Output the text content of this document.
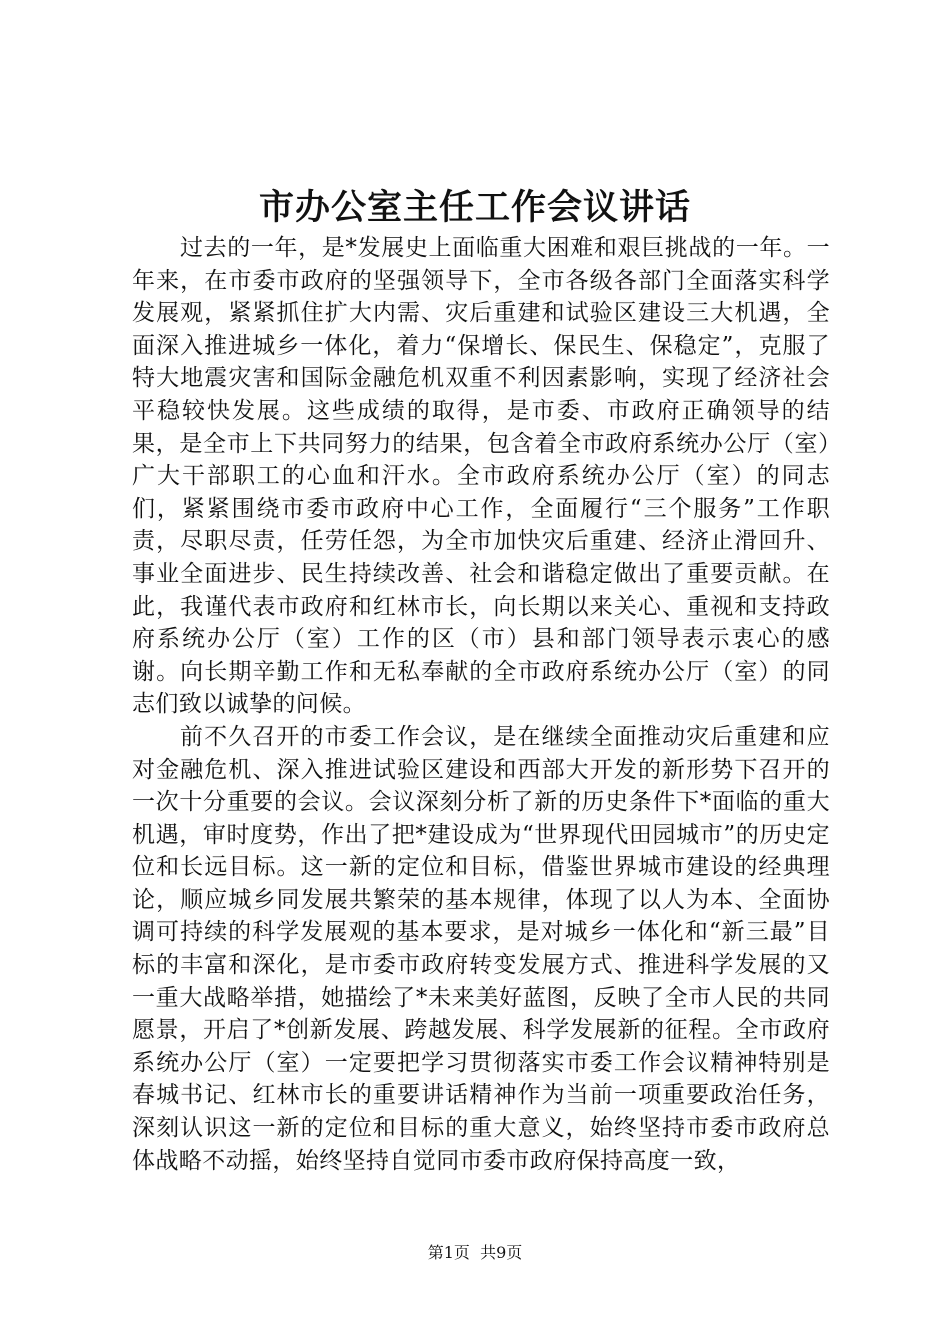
市办公室主任工作会议讲话

过去的一年，是*发展史上面临重大困难和艰巨挑战的一年。一年来，在市委市政府的坚强领导下，全市各级各部门全面落实科学发展观，紧紧抓住扩大内需、灾后重建和试验区建设三大机遇，全面深入推进城乡一体化，着力“保增长、保民生、保稳定”，克服了特大地震灾害和国际金融危机双重不利因素影响，实现了经济社会平稳较快发展。这些成绩的取得，是市委、市政府正确领导的结果，是全市上下共同努力的结果，包含着全市政府系统办公厅（室）广大干部职工的心血和汗水。全市政府系统办公厅（室）的同志们，紧紧围绕市委市政府中心工作，全面履行“三个服务”工作职责，尽职尽责，任劳任怨，为全市加快灾后重建、经济止滑回升、事业全面进步、民生持续改善、社会和谐稳定做出了重要贡献。在此，我谨代表市政府和红林市长，向长期以来关心、重视和支持政府系统办公厅（室）工作的区（市）县和部门领导表示衷心的感谢。向长期辛勤工作和无私奉献的全市政府系统办公厅（室）的同志们致以诚挚的问候。

前不久召开的市委工作会议，是在继续全面推动灾后重建和应对金融危机、深入推进试验区建设和西部大开发的新形势下召开的一次十分重要的会议。会议深刻分析了新的历史条件下*面临的重大机遇，审时度势，作出了把*建设成为“世界现代田园城市”的历史定位和长远目标。这一新的定位和目标，借鉴世界城市建设的经典理论，顺应城乡同发展共繁荣的基本规律，体现了以人为本、全面协调可持续的科学发展观的基本要求，是对城乡一体化和“新三最”目标的丰富和深化，是市委市政府转变发展方式、推进科学发展的又一重大战略举措，她描绘了*未来美好蓝图，反映了全市人民的共同愿景，开启了*创新发展、跨越发展、科学发展新的征程。全市政府系统办公厅（室）一定要把学习贯彻落实市委工作会议精神特别是春城书记、红林市长的重要讲话精神作为当前一项重要政治任务，深刻认识这一新的定位和目标的重大意义，始终坚持市委市政府总体战略不动摇，始终坚持自觉同市委市政府保持高度一致，

第1页  共9页
